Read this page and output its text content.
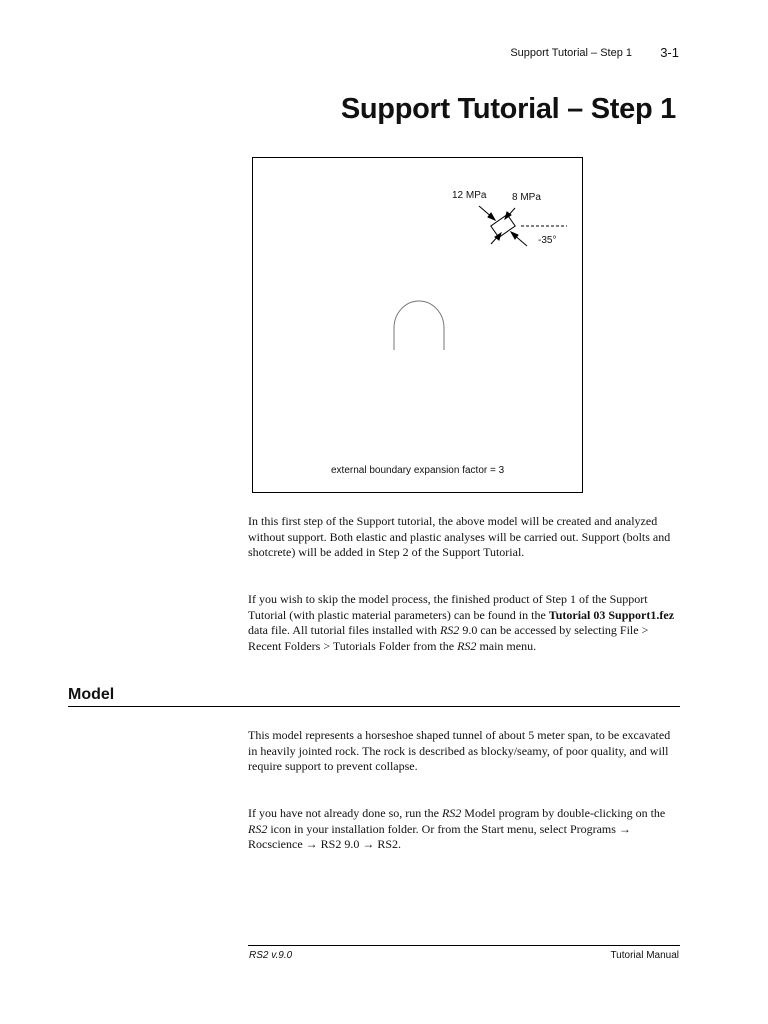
Support Tutorial – Step 1 3-1
Support Tutorial – Step 1
12 MPa	8 MPa
-35°
external boundary expansion factor = 3
In this first step of the Support tutorial, the above model will be created and analyzed without support. Both elastic and plastic analyses will be carried out. Support (bolts and shotcrete) will be added in Step 2 of the Support Tutorial.
If you wish to skip the model process, the finished product of Step 1 of the Support Tutorial (with plastic material parameters) can be found in the Tutorial 03 Support1.fez data file. All tutorial files installed with RS2 9.0 can be accessed by selecting File > Recent Folders > Tutorials Folder from the RS2 main menu.
Model
This model represents a horseshoe shaped tunnel of about 5 meter span, to be excavated in heavily jointed rock. The rock is described as blocky/seamy, of poor quality, and will require support to prevent collapse.
If you have not already done so, run the RS2 Model program by double-clicking on the RS2 icon in your installation folder. Or from the Start menu, select Programs → Rocscience → RS2 9.0 → RS2.
RS2 v.9.0	Tutorial Manual
